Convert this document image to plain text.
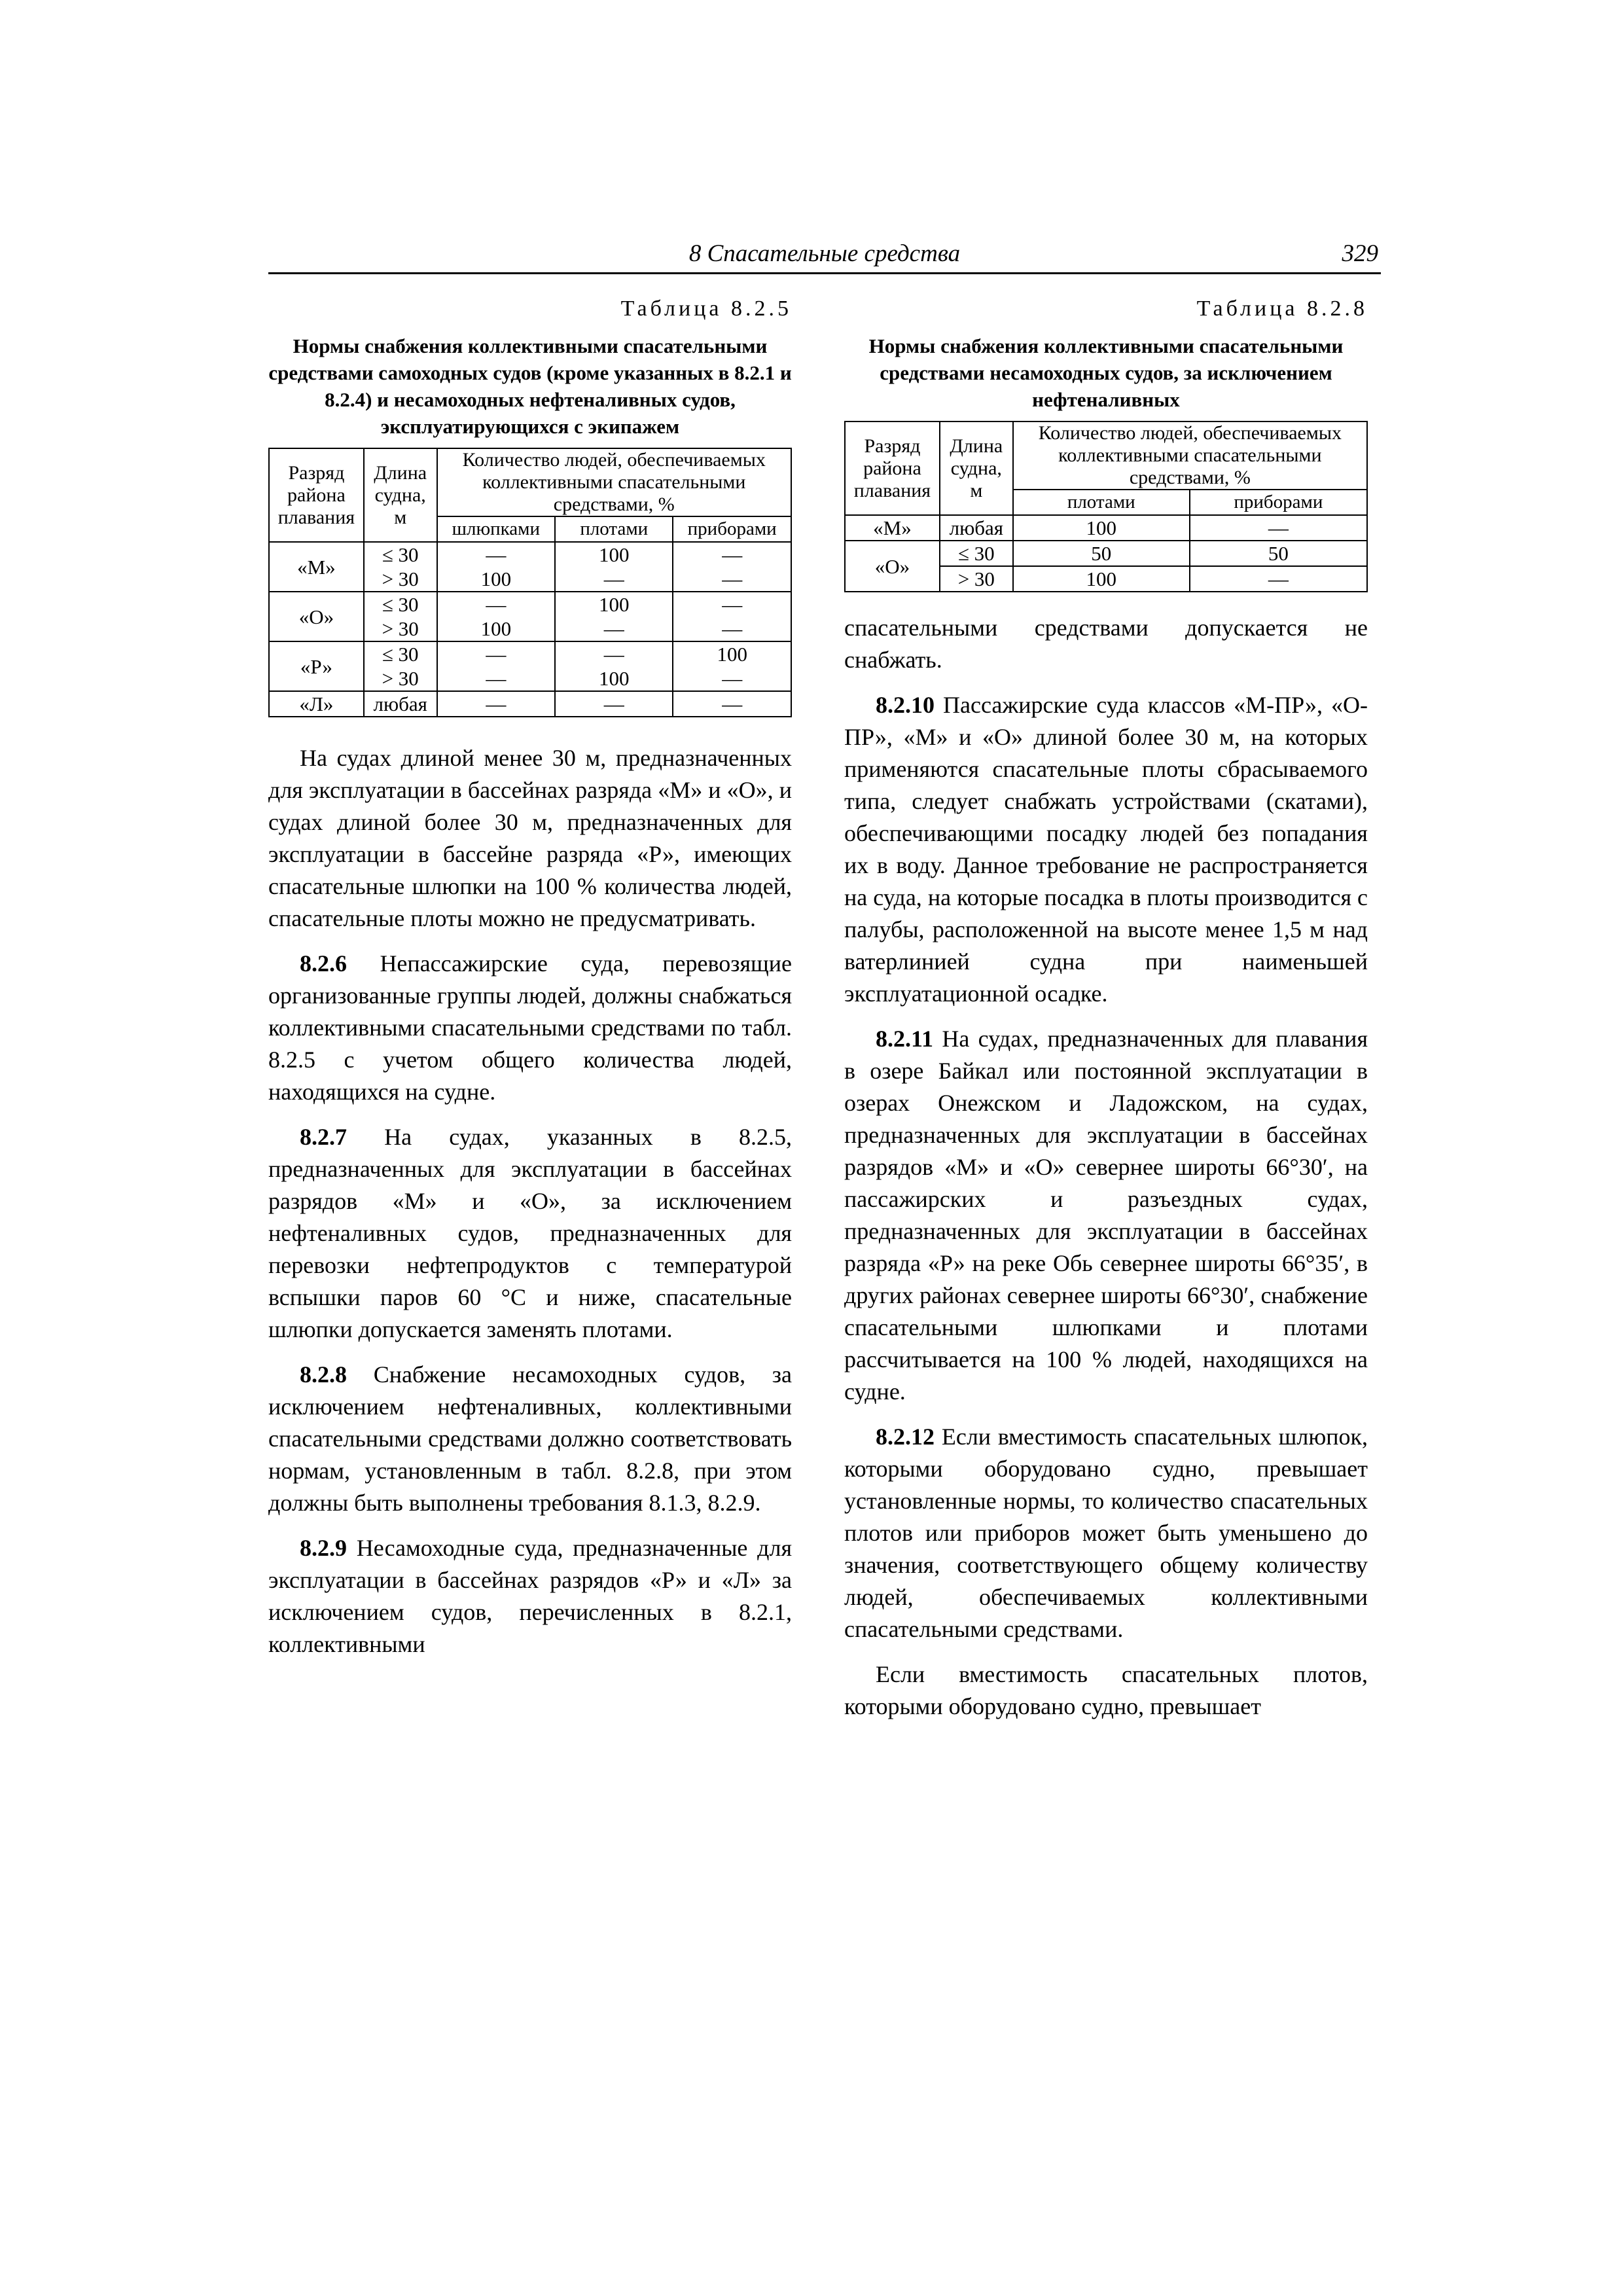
8 Спасательные средства	329
Таблица 8.2.5
Нормы снабжения коллективными спасательными средствами самоходных судов (кроме указанных в 8.2.1 и 8.2.4) и несамоходных нефтеналивных судов, эксплуатирующихся с экипажем
Разряд района плавания	Длина судна, м	Количество людей, обеспечиваемых коллективными спасательными средствами, %		
		шлюпками	плотами	приборами
«М»	≤ 30	—	100	—
	> 30	100	—	—
«О»	≤ 30	—	100	—
	> 30	100	—	—
«Р»	≤ 30	—	—	100
	> 30	—	100	—
«Л»	любая	—	—	—

На судах длиной менее 30 м, предназначенных для эксплуатации в бассейнах разряда «М» и «О», и судах длиной более 30 м, предназначенных для эксплуатации в бассейне разряда «Р», имеющих спасательные шлюпки на 100 % количества людей, спасательные плоты можно не предусматривать.

8.2.6 Непассажирские суда, перевозящие организованные группы людей, должны снабжаться коллективными спасательными средствами по табл. 8.2.5 с учетом общего количества людей, находящихся на судне.

8.2.7 На судах, указанных в 8.2.5, предназначенных для эксплуатации в бассейнах разрядов «М» и «О», за исключением нефтеналивных судов, предназначенных для перевозки нефтепродуктов с температурой вспышки паров 60 °С и ниже, спасательные шлюпки допускается заменять плотами.

8.2.8 Снабжение несамоходных судов, за исключением нефтеналивных, коллективными спасательными средствами должно соответствовать нормам, установленным в табл. 8.2.8, при этом должны быть выполнены требования 8.1.3, 8.2.9.

8.2.9 Несамоходные суда, предназначенные для эксплуатации в бассейнах разрядов «Р» и «Л» за исключением судов, перечисленных в 8.2.1, коллективными

Таблица 8.2.8
Нормы снабжения коллективными спасательными средствами несамоходных судов, за исключением нефтеналивных
Разряд района плавания	Длина судна, м	Количество людей, обеспечиваемых коллективными спасательными средствами, %	
		плотами	приборами
«М»	любая	100	—
«О»	≤ 30	50	50
	> 30	100	—

спасательными средствами допускается не снабжать.

8.2.10 Пассажирские суда классов «М-ПР», «О-ПР», «М» и «О» длиной более 30 м, на которых применяются спасательные плоты сбрасываемого типа, следует снабжать устройствами (скатами), обеспечивающими посадку людей без попадания их в воду. Данное требование не распространяется на суда, на которые посадка в плоты производится с палубы, расположенной на высоте менее 1,5 м над ватерлинией судна при наименьшей эксплуатационной осадке.

8.2.11 На судах, предназначенных для плавания в озере Байкал или постоянной эксплуатации в озерах Онежском и Ладожском, на судах, предназначенных для эксплуатации в бассейнах разрядов «М» и «О» севернее широты 66°30′, на пассажирских и разъездных судах, предназначенных для эксплуатации в бассейнах разряда «Р» на реке Обь севернее широты 66°35′, в других районах севернее широты 66°30′, снабжение спасательными шлюпками и плотами рассчитывается на 100 % людей, находящихся на судне.

8.2.12 Если вместимость спасательных шлюпок, которыми оборудовано судно, превышает установленные нормы, то количество спасательных плотов или приборов может быть уменьшено до значения, соответствующего общему количеству людей, обеспечиваемых коллективными спасательными средствами.

Если вместимость спасательных плотов, которыми оборудовано судно, превышает
